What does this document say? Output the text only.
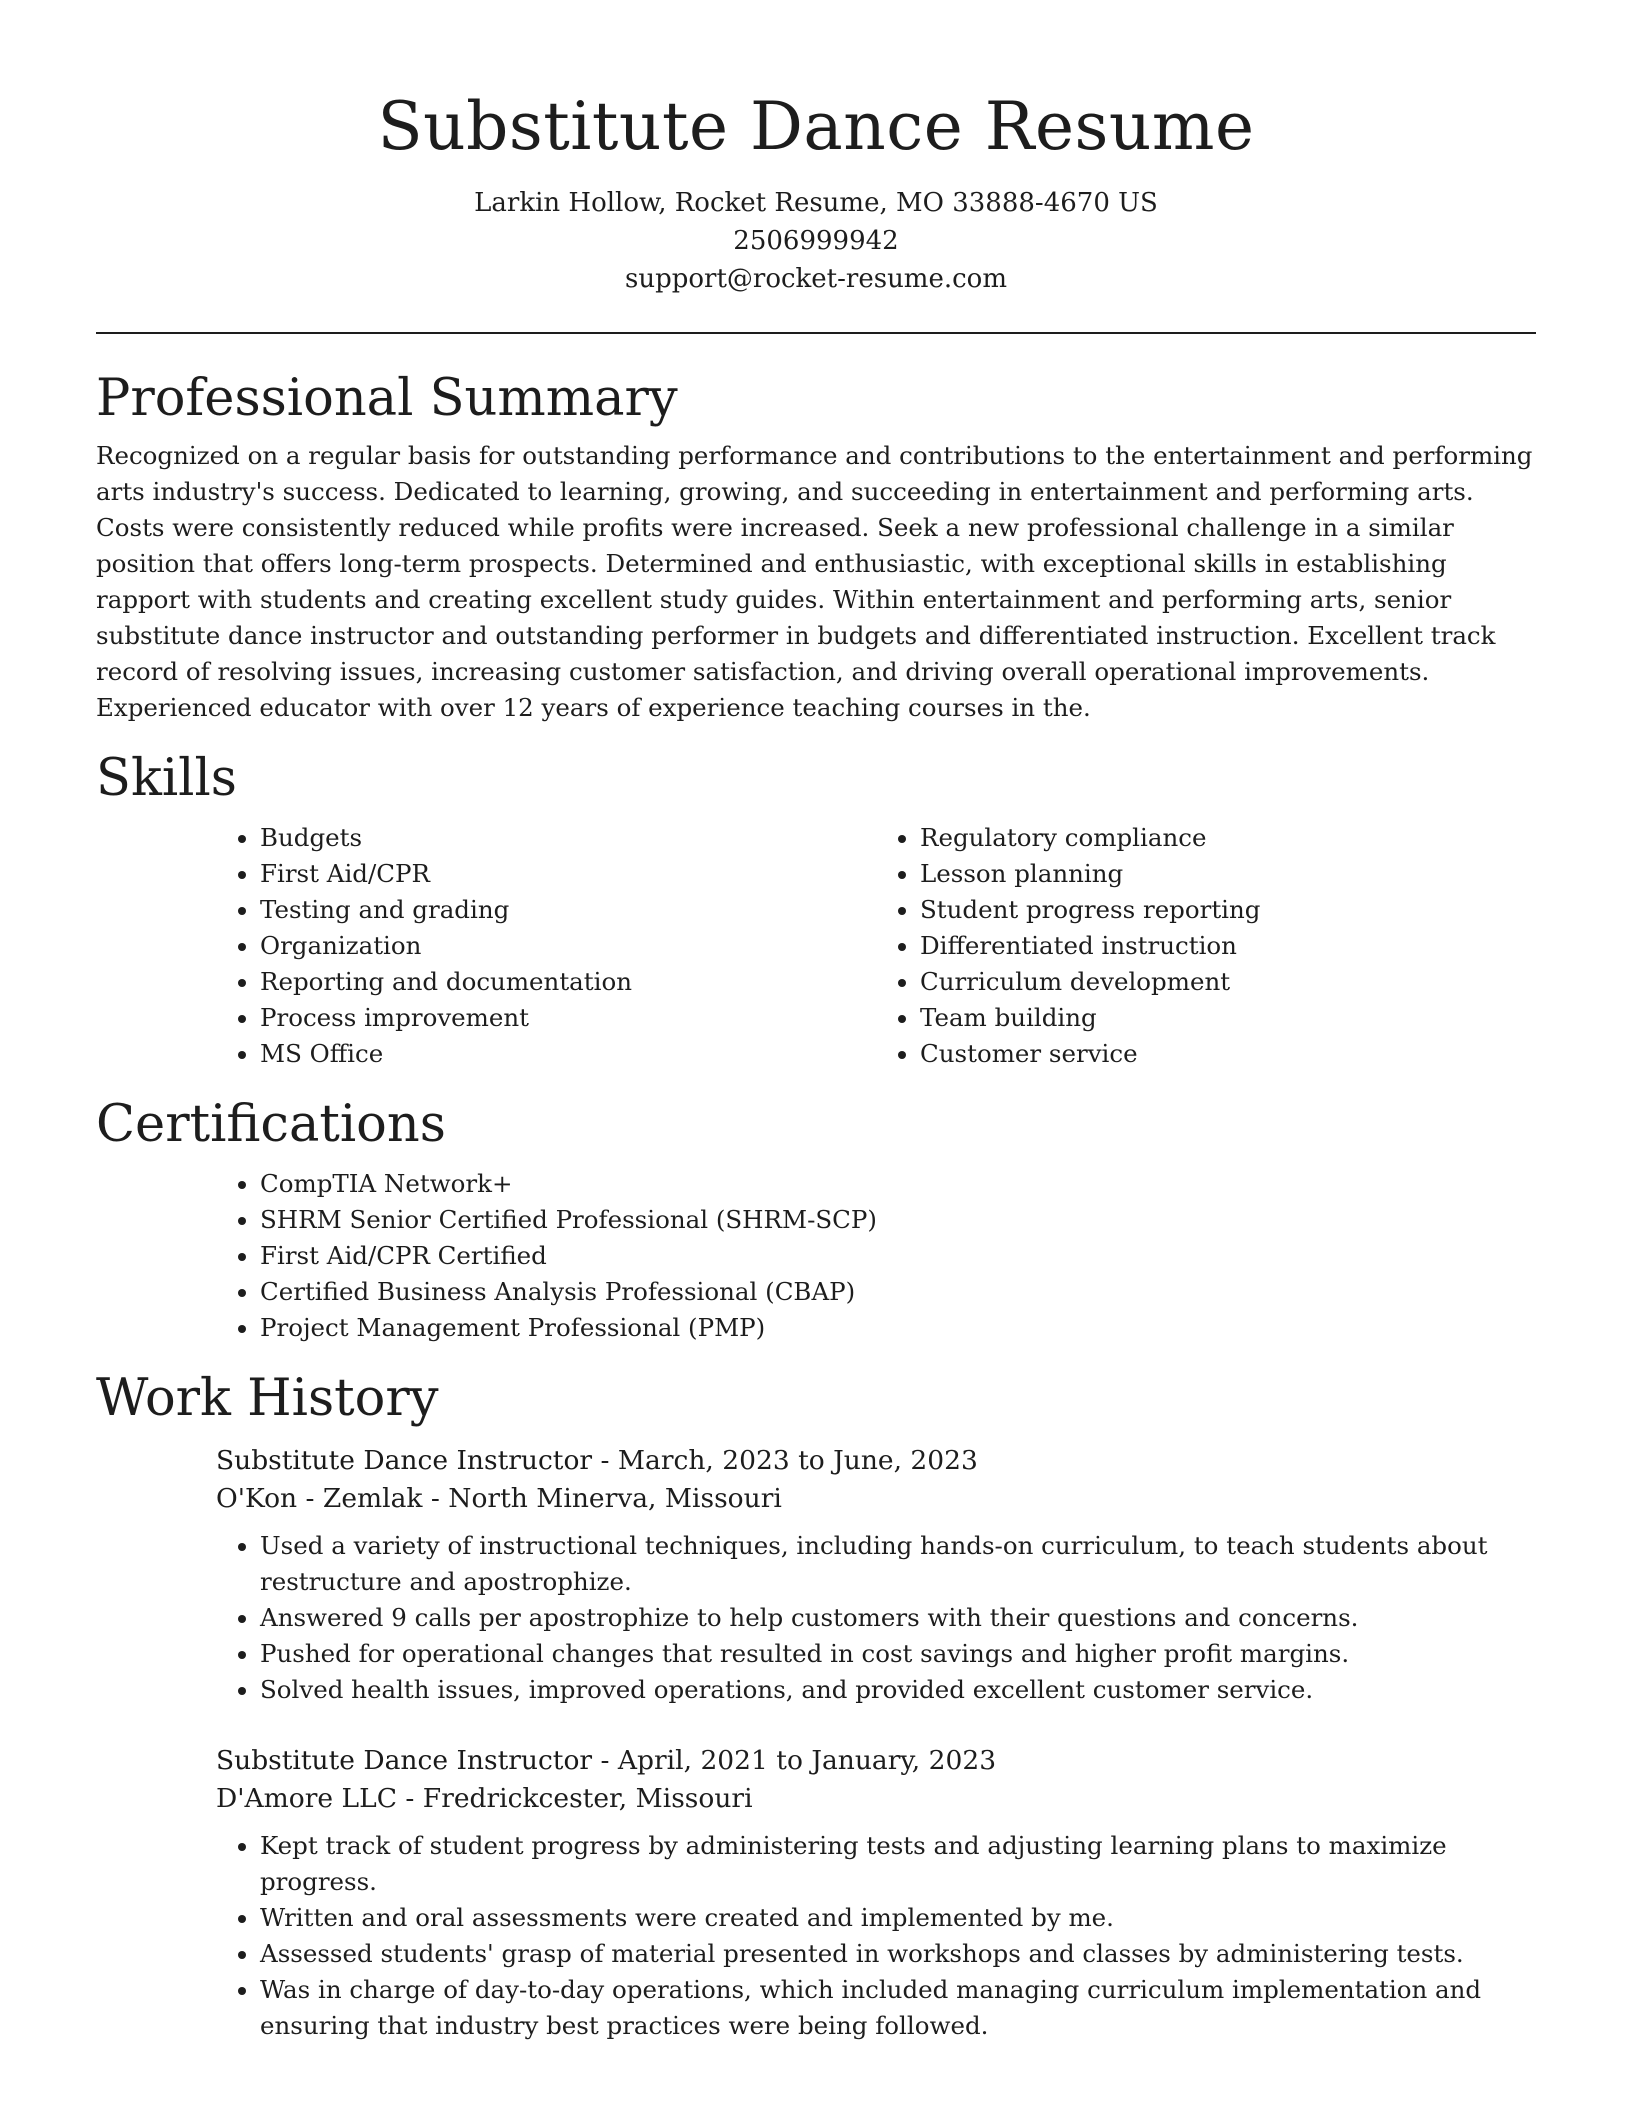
Substitute Dance Resume

Larkin Hollow, Rocket Resume, MO 33888-4670 US

2506999942

support@rocket-resume.com

Professional Summary

Recognized on a regular basis for outstanding performance and contributions to the entertainment and performing arts industry's success. Dedicated to learning, growing, and succeeding in entertainment and performing arts. Costs were consistently reduced while profits were increased. Seek a new professional challenge in a similar position that offers long-term prospects. Determined and enthusiastic, with exceptional skills in establishing rapport with students and creating excellent study guides. Within entertainment and performing arts, senior substitute dance instructor and outstanding performer in budgets and differentiated instruction. Excellent track record of resolving issues, increasing customer satisfaction, and driving overall operational improvements. Experienced educator with over 12 years of experience teaching courses in the.

Skills
• Budgets
• First Aid/CPR
• Testing and grading
• Organization
• Reporting and documentation
• Process improvement
• MS Office
• Regulatory compliance
• Lesson planning
• Student progress reporting
• Differentiated instruction
• Curriculum development
• Team building
• Customer service
Certifications
• CompTIA Network+
• SHRM Senior Certified Professional (SHRM-SCP)
• First Aid/CPR Certified
• Certified Business Analysis Professional (CBAP)
• Project Management Professional (PMP)
Work History

Substitute Dance Instructor - March, 2023 to June, 2023

O'Kon - Zemlak - North Minerva, Missouri

• Used a variety of instructional techniques, including hands-on curriculum, to teach students about restructure and apostrophize.
• Answered 9 calls per apostrophize to help customers with their questions and concerns.
• Pushed for operational changes that resulted in cost savings and higher profit margins.
• Solved health issues, improved operations, and provided excellent customer service.

Substitute Dance Instructor - April, 2021 to January, 2023

D'Amore LLC - Fredrickcester, Missouri

• Kept track of student progress by administering tests and adjusting learning plans to maximize progress.
• Written and oral assessments were created and implemented by me.
• Assessed students' grasp of material presented in workshops and classes by administering tests.
• Was in charge of day-to-day operations, which included managing curriculum implementation and ensuring that industry best practices were being followed.
